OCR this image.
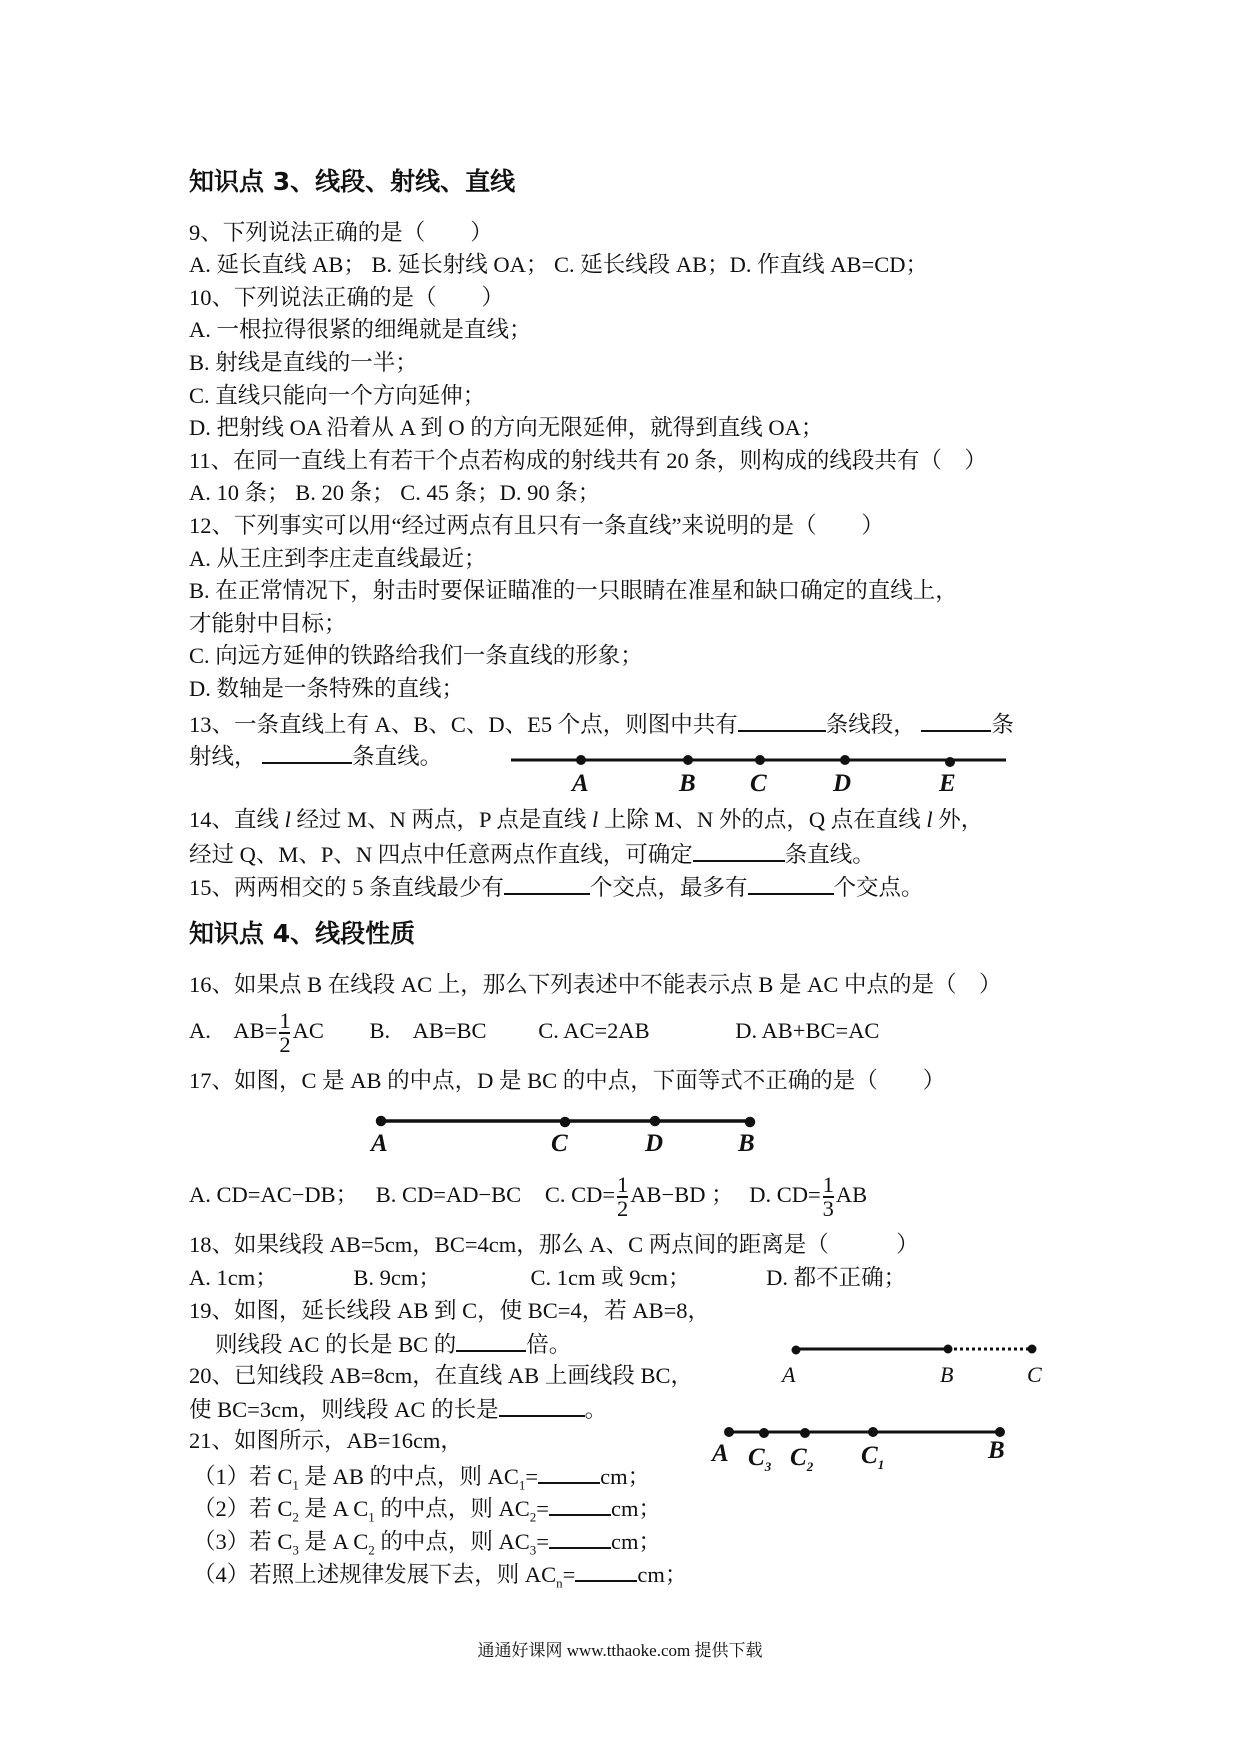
知识点 3、线段、射线、直线
9、下列说法正确的是（　　）
A. 延长直线 AB； B. 延长射线 OA； C. 延长线段 AB；D. 作直线 AB=CD；
10、下列说法正确的是（　　）
A. 一根拉得很紧的细绳就是直线；
B. 射线是直线的一半；
C. 直线只能向一个方向延伸；
D. 把射线 OA 沿着从 A 到 O 的方向无限延伸，就得到直线 OA；
11、在同一直线上有若干个点若构成的射线共有 20 条，则构成的线段共有（　）
A. 10 条； B. 20 条； C. 45 条；D. 90 条；
12、下列事实可以用“经过两点有且只有一条直线”来说明的是（　　）
A. 从王庄到李庄走直线最近；
B. 在正常情况下，射击时要保证瞄准的一只眼睛在准星和缺口确定的直线上，
才能射中目标；
C. 向远方延伸的铁路给我们一条直线的形象；
D. 数轴是一条特殊的直线；
13、一条直线上有 A、B、C、D、E5 个点，则图中共有	条线段，	条
射线，	条直线。
A	B C	D	E
14、直线 l 经过 M、N 两点，P 点是直线 l 上除 M、N 外的点，Q 点在直线 l 外，
经过 Q、M、P、N 四点中任意两点作直线，可确定	条直线。
15、两两相交的 5 条直线最少有	个交点，最多有	个交点。
知识点 4、线段性质
16、如果点 B 在线段 AC 上，那么下列表述中不能表示点 B 是 AC 中点的是（　）
A.　$AB= \frac{1}{2}$ AC B.　AB=BC C. AC=2AB	D. AB+BC=AC
17、如图，C 是 AB 的中点，D 是 BC 的中点，下面等式不正确的是（　　）
A	C	D	B
A. CD=AC−DB； B. CD=AD−BC C. $CD= \frac{1}{2} AB-BD$ ； D. $CD= \frac{1}{3}$ AB
18、如果线段 AB=5cm，BC=4cm，那么 A、C 两点间的距离是（　　　）
A. 1cm；	B. 9cm；	C. 1cm 或 9cm；	D. 都不正确；
19、如图，延长线段 AB 到 C，使 BC=4，若 AB=8，
则线段 AC 的长是 BC 的	倍。
A	B	C
20、已知线段 AB=8cm，在直线 AB 上画线段 BC，
使 BC=3cm，则线段 AC 的长是	。
21、如图所示，AB=16cm，	A $C_3$ $C_2$ $C_1$
B
（1）若 $C_1$ 是 AB 的中点，则 $AC_1=$	cm；
（2）若 $C_2$ 是 A $C_1$ 的中点，则 $AC_2=$	cm；
（3）若 $C_3$ 是 A $C_2$ 的中点，则 $AC_3=$	cm；
（4）若照上述规律发展下去，则 $AC_n=$	cm；
通通好课网 www.tthaoke.com 提供下载
